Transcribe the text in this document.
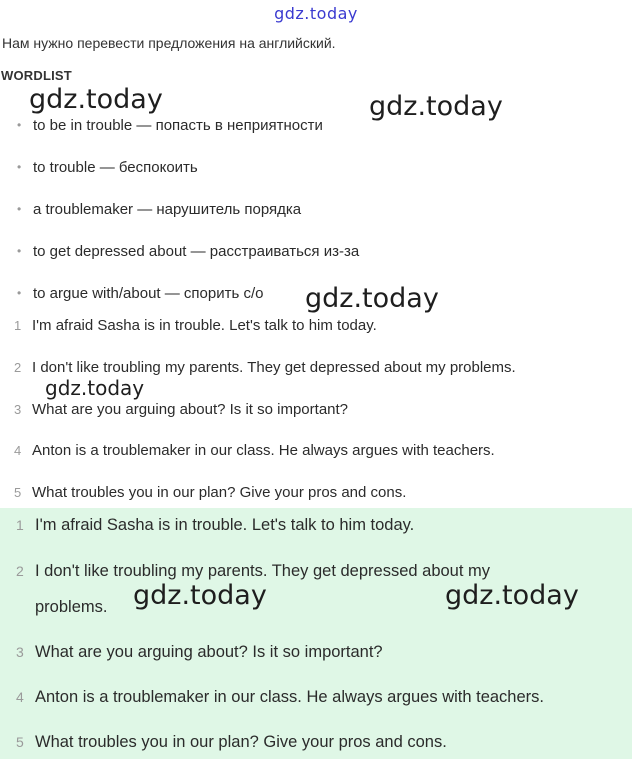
gdz.today
Нам нужно перевести предложения на английский.
WORDLIST
• to be in trouble — попасть в неприятности
• to trouble — беспокоить
• a troublemaker — нарушитель порядка
• to get depressed about — расстраиваться из-за
• to argue with/about — спорить с/о
1 I'm afraid Sasha is in trouble. Let's talk to him today.
2 I don't like troubling my parents. They get depressed about my problems.
3 What are you arguing about? Is it so important?
4 Anton is a troublemaker in our class. He always argues with teachers.
5 What troubles you in our plan? Give your pros and cons.
1 I'm afraid Sasha is in trouble. Let's talk to him today.
2 I don't like troubling my parents. They get depressed about my
problems.
3 What are you arguing about? Is it so important?
4 Anton is a troublemaker in our class. He always argues with teachers.
5 What troubles you in our plan? Give your pros and cons.
gdz.today	gdz.today
gdz.today
gdz.today
gdz.today	gdz.today
